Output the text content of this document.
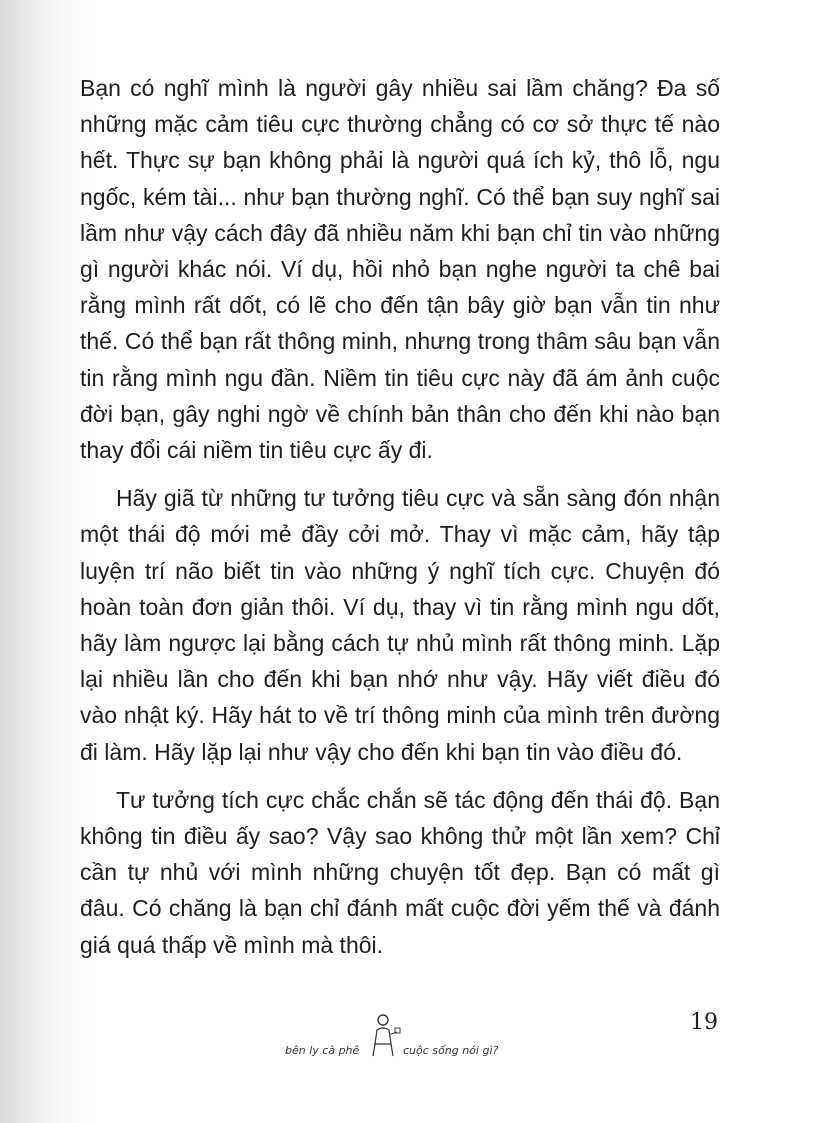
Bạn có nghĩ mình là người gây nhiều sai lầm chăng? Đa số những mặc cảm tiêu cực thường chẳng có cơ sở thực tế nào hết. Thực sự bạn không phải là người quá ích kỷ, thô lỗ, ngu ngốc, kém tài... như bạn thường nghĩ. Có thể bạn suy nghĩ sai lầm như vậy cách đây đã nhiều năm khi bạn chỉ tin vào những gì người khác nói. Ví dụ, hồi nhỏ bạn nghe người ta chê bai rằng mình rất dốt, có lẽ cho đến tận bây giờ bạn vẫn tin như thế. Có thể bạn rất thông minh, nhưng trong thâm sâu bạn vẫn tin rằng mình ngu đần. Niềm tin tiêu cực này đã ám ảnh cuộc đời bạn, gây nghi ngờ về chính bản thân cho đến khi nào bạn thay đổi cái niềm tin tiêu cực ấy đi.

Hãy giã từ những tư tưởng tiêu cực và sẵn sàng đón nhận một thái độ mới mẻ đầy cởi mở. Thay vì mặc cảm, hãy tập luyện trí não biết tin vào những ý nghĩ tích cực. Chuyện đó hoàn toàn đơn giản thôi. Ví dụ, thay vì tin rằng mình ngu dốt, hãy làm ngược lại bằng cách tự nhủ mình rất thông minh. Lặp lại nhiều lần cho đến khi bạn nhớ như vậy. Hãy viết điều đó vào nhật ký. Hãy hát to về trí thông minh của mình trên đường đi làm. Hãy lặp lại như vậy cho đến khi bạn tin vào điều đó.

Tư tưởng tích cực chắc chắn sẽ tác động đến thái độ. Bạn không tin điều ấy sao? Vậy sao không thử một lần xem? Chỉ cần tự nhủ với mình những chuyện tốt đẹp. Bạn có mất gì đâu. Có chăng là bạn chỉ đánh mất cuộc đời yếm thế và đánh giá quá thấp về mình mà thôi.

19
bên ly cà phê	cuộc sống nói gì?
